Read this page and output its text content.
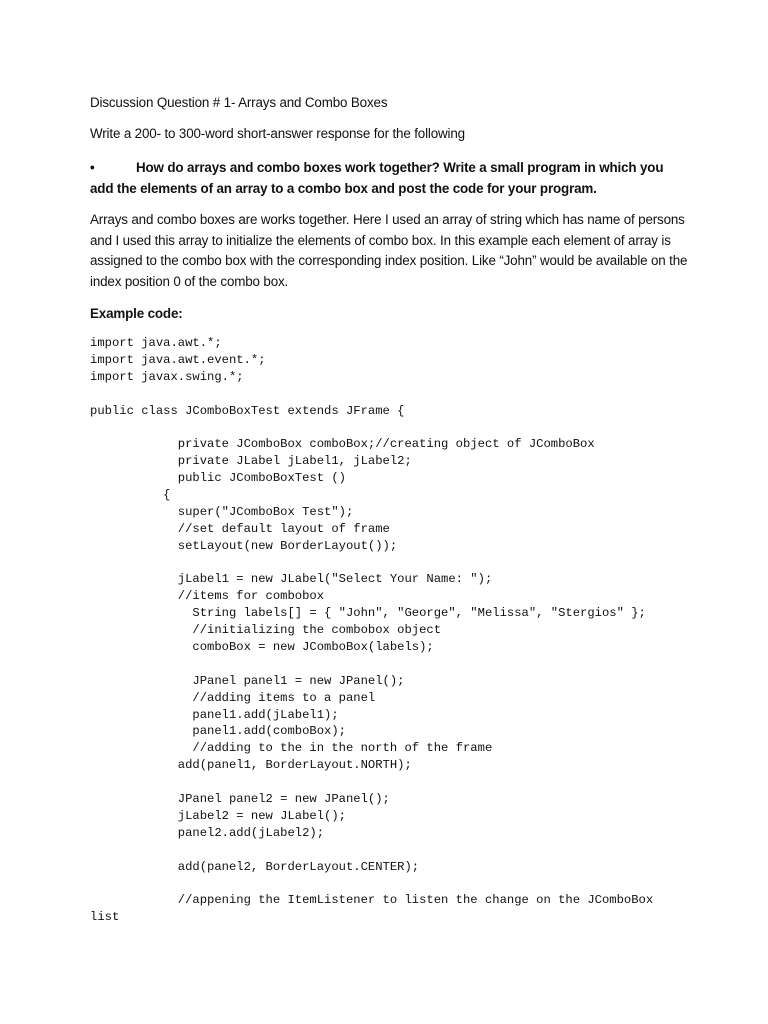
Discussion Question # 1- Arrays and Combo Boxes

Write a 200- to 300-word short-answer response for the following

•	How do arrays and combo boxes work together? Write a small program in which you add the elements of an array to a combo box and post the code for your program.

Arrays and combo boxes are works together. Here I used an array of string which has name of persons and I used this array to initialize the elements of combo box. In this example each element of array is assigned to the combo box with the corresponding index position. Like “John” would be available on the index position 0 of the combo box.

Example code:

import java.awt.*;
import java.awt.event.*;
import javax.swing.*;
public class JComboBoxTest extends JFrame {
private JComboBox comboBox;//creating object of JComboBox
private JLabel jLabel1, jLabel2;
public JComboBoxTest ()
{
super("JComboBox Test");
//set default layout of frame
setLayout(new BorderLayout());
jLabel1 = new JLabel("Select Your Name: ");
//items for combobox
String labels[] = { "John", "George", "Melissa", "Stergios" };
//initializing the combobox object
comboBox = new JComboBox(labels);
JPanel panel1 = new JPanel();
//adding items to a panel
panel1.add(jLabel1);
panel1.add(comboBox);
//adding to the in the north of the frame
add(panel1, BorderLayout.NORTH);
JPanel panel2 = new JPanel();
jLabel2 = new JLabel();
panel2.add(jLabel2);
add(panel2, BorderLayout.CENTER);
//appening the ItemListener to listen the change on the JComboBox
list
